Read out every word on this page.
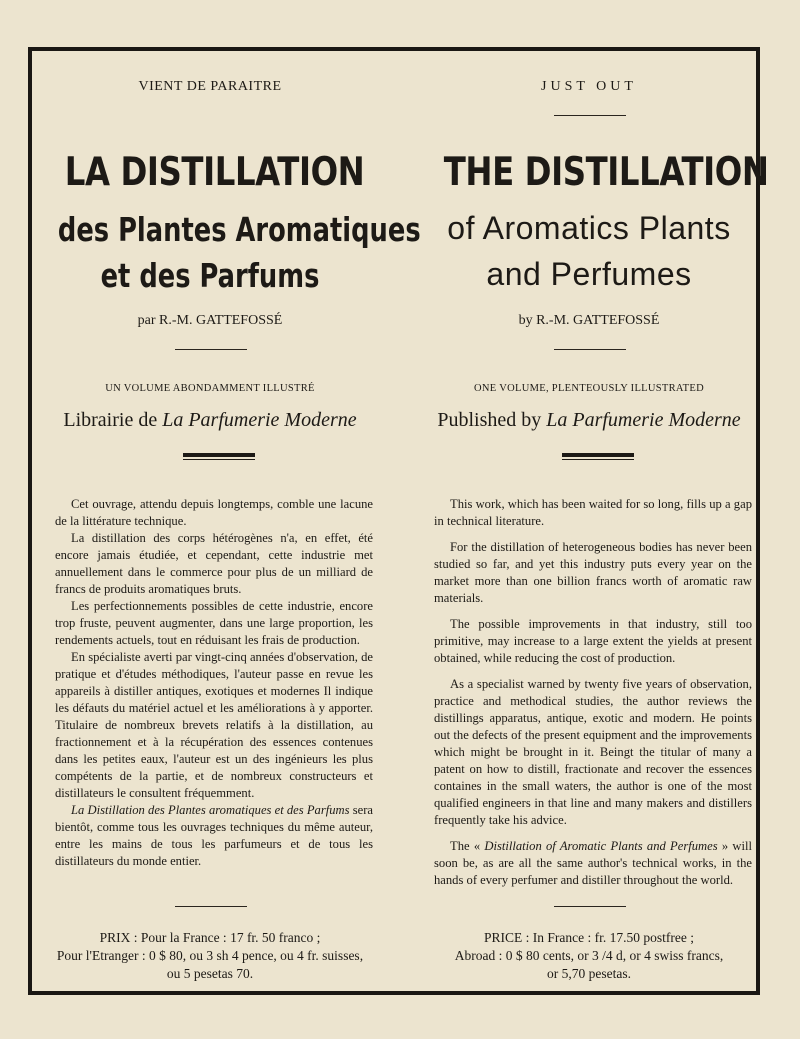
VIENT DE PARAITRE
LA DISTILLATION
des Plantes Aromatiques
et des Parfums
par R.-M. GATTEFOSSÉ
UN VOLUME ABONDAMMENT ILLUSTRÉ
Librairie de La Parfumerie Moderne

Cet ouvrage, attendu depuis longtemps, comble une lacune de la littérature technique.

La distillation des corps hétérogènes n'a, en effet, été encore jamais étudiée, et cependant, cette industrie met annuellement dans le commerce pour plus de un milliard de francs de produits aromatiques bruts.

Les perfectionnements possibles de cette industrie, encore trop fruste, peuvent augmenter, dans une large proportion, les rendements actuels, tout en réduisant les frais de production.

En spécialiste averti par vingt-cinq années d'observation, de pratique et d'études méthodiques, l'auteur passe en revue les appareils à distiller antiques, exotiques et modernes Il indique les défauts du matériel actuel et les améliorations à y apporter. Titulaire de nombreux brevets relatifs à la distillation, au fractionnement et à la récupération des essences contenues dans les petites eaux, l'auteur est un des ingénieurs les plus compétents de la partie, et de nombreux constructeurs et distillateurs le consultent fréquemment.

La Distillation des Plantes aromatiques et des Parfums sera bientôt, comme tous les ouvrages techniques du même auteur, entre les mains de tous les parfumeurs et de tous les distillateurs du monde entier.

PRIX : Pour la France : 17 fr. 50 franco ;
Pour l'Etranger : 0 $ 80, ou 3 sh 4 pence, ou 4 fr. suisses,
ou 5 pesetas 70.
JUST OUT
THE DISTILLATION
of Aromatics Plants
and Perfumes
by R.-M. GATTEFOSSÉ
ONE VOLUME, PLENTEOUSLY ILLUSTRATED
Published by La Parfumerie Moderne

This work, which has been waited for so long, fills up a gap in technical literature.

For the distillation of heterogeneous bodies has never been studied so far, and yet this industry puts every year on the market more than one billion francs worth of aromatic raw materials.

The possible improvements in that industry, still too primitive, may increase to a large extent the yields at present obtained, while reducing the cost of production.

As a specialist warned by twenty five years of observation, practice and methodical studies, the author reviews the distillings apparatus, antique, exotic and modern. He points out the defects of the present equipment and the improvements which might be brought in it. Beingt the titular of many a patent on how to distill, fractionate and recover the essences containes in the small waters, the author is one of the most qualified engineers in that line and many makers and distillers frequently take his advice.

The « Distillation of Aromatic Plants and Perfumes » will soon be, as are all the same author's technical works, in the hands of every perfumer and distiller throughout the world.

PRICE : In France : fr. 17.50 postfree ;
Abroad : 0 $ 80 cents, or 3 /4 d, or 4 swiss francs,
or 5,70 pesetas.
